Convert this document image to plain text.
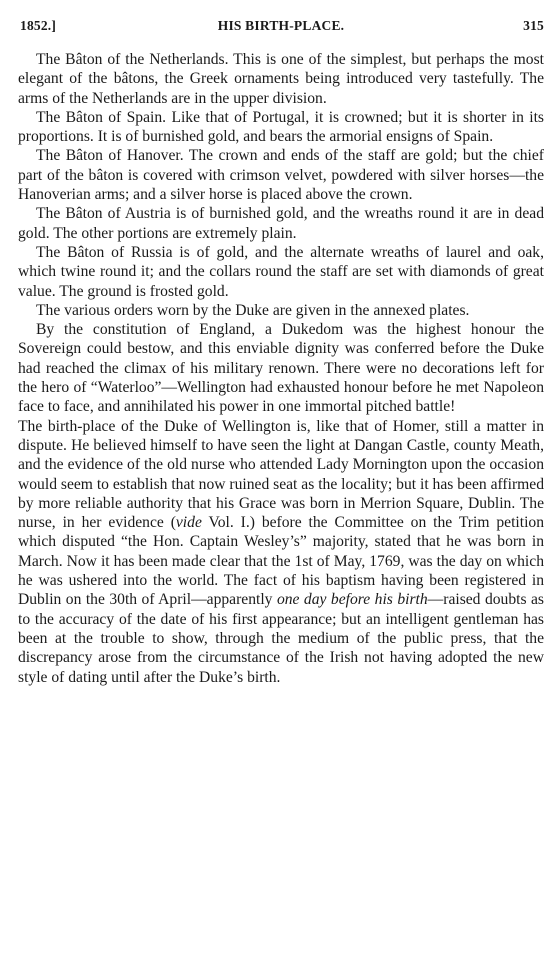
1852.]	HIS BIRTH-PLACE.	315

The Bâton of the Netherlands. This is one of the simplest, but perhaps the most elegant of the bâtons, the Greek ornaments being introduced very tastefully. The arms of the Netherlands are in the upper division.

The Bâton of Spain. Like that of Portugal, it is crowned; but it is shorter in its proportions. It is of burnished gold, and bears the armorial ensigns of Spain.

The Bâton of Hanover. The crown and ends of the staff are gold; but the chief part of the bâton is covered with crimson velvet, powdered with silver horses—the Hanoverian arms; and a silver horse is placed above the crown.

The Bâton of Austria is of burnished gold, and the wreaths round it are in dead gold. The other portions are extremely plain.

The Bâton of Russia is of gold, and the alternate wreaths of laurel and oak, which twine round it; and the collars round the staff are set with diamonds of great value. The ground is frosted gold.

The various orders worn by the Duke are given in the annexed plates.

By the constitution of England, a Dukedom was the highest honour the Sovereign could bestow, and this enviable dignity was conferred before the Duke had reached the climax of his military renown. There were no decorations left for the hero of “Waterloo”—Wellington had exhausted honour before he met Napoleon face to face, and annihilated his power in one immortal pitched battle!

The birth-place of the Duke of Wellington is, like that of Homer, still a matter in dispute. He believed himself to have seen the light at Dangan Castle, county Meath, and the evidence of the old nurse who attended Lady Mornington upon the occasion would seem to establish that now ruined seat as the locality; but it has been affirmed by more reliable authority that his Grace was born in Merrion Square, Dublin. The nurse, in her evidence (vide Vol. I.) before the Committee on the Trim petition which disputed “the Hon. Captain Wesley’s” majority, stated that he was born in March. Now it has been made clear that the 1st of May, 1769, was the day on which he was ushered into the world. The fact of his baptism having been registered in Dublin on the 30th of April—apparently one day before his birth—raised doubts as to the accuracy of the date of his first appearance; but an intelligent gentleman has been at the trouble to show, through the medium of the public press, that the discrepancy arose from the circumstance of the Irish not having adopted the new style of dating until after the Duke’s birth.
